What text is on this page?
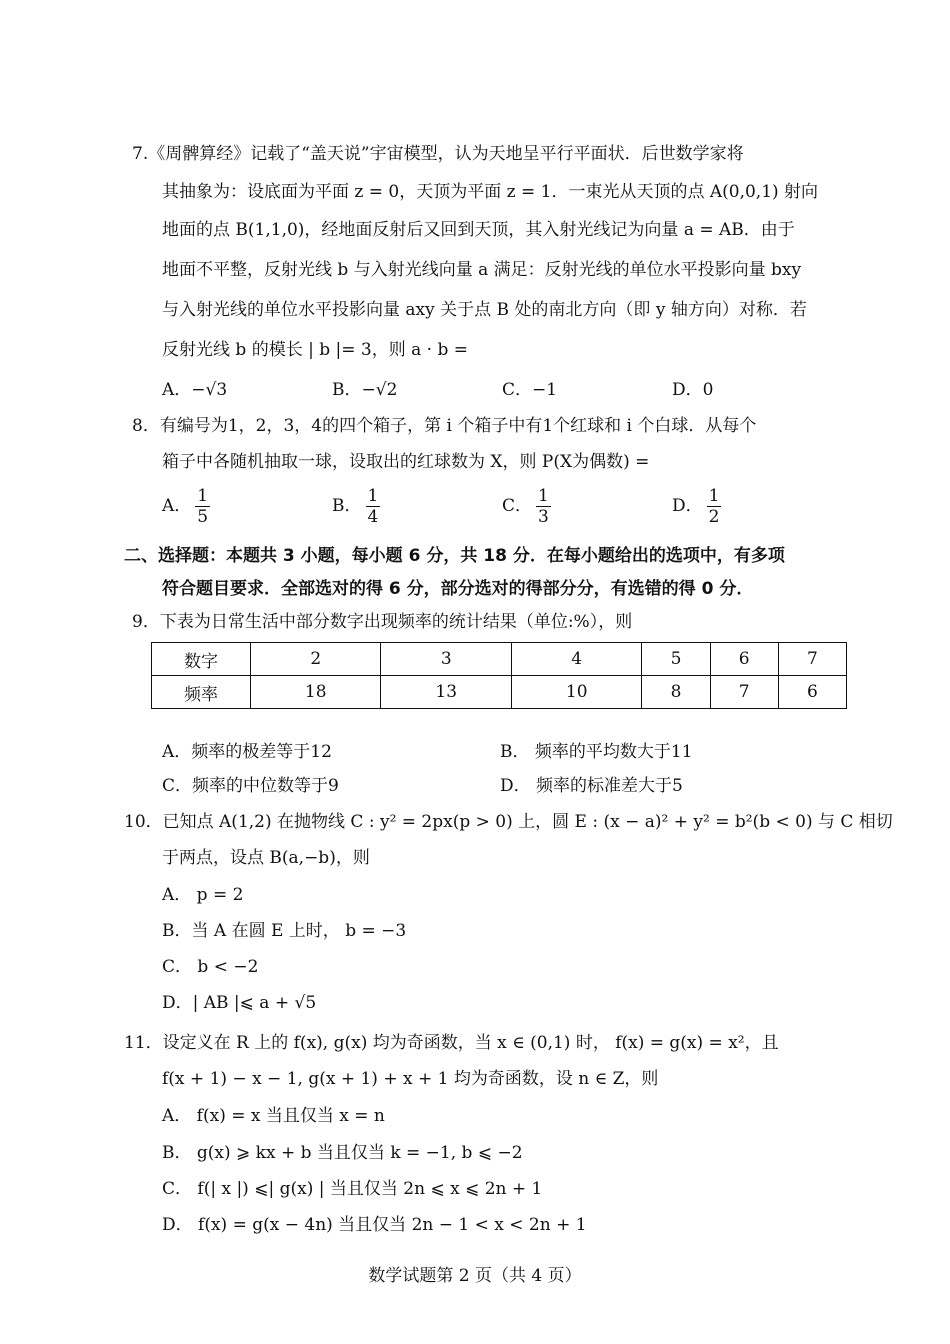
7.《周髀算经》记载了“盖天说”宇宙模型，认为天地呈平行平面状．后世数学家将
其抽象为：设底面为平面 z = 0，天顶为平面 z = 1．一束光从天顶的点 A(0,0,1) 射向
地面的点 B(1,1,0)，经地面反射后又回到天顶，其入射光线记为向量 a = AB．由于
地面不平整，反射光线 b 与入射光线向量 a 满足：反射光线的单位水平投影向量 bxy
与入射光线的单位水平投影向量 axy 关于点 B 处的南北方向（即 y 轴方向）对称．若
反射光线 b 的模长 | b |= 3，则 a · b =
A．−√3	B．−√2	C．−1	D．0
8．有编号为1，2，3，4的四个箱子，第 i 个箱子中有1个红球和 i 个白球．从每个
箱子中各随机抽取一球，设取出的红球数为 X，则 P(X为偶数) =
A． $\frac{1}{5}$	B． $\frac{1}{4}$	C． $\frac{1}{3}$	D． $\frac{1}{2}$
二、选择题：本题共 3 小题，每小题 6 分，共 18 分．在每小题给出的选项中，有多项
符合题目要求．全部选对的得 6 分，部分选对的得部分分，有选错的得 0 分．
9．下表为日常生活中部分数字出现频率的统计结果（单位:%），则
数字	2	3	4	5	6	7
频率	18	13	10	8	7	6
A．频率的极差等于12	B． 频率的平均数大于11
C．频率的中位数等于9	D． 频率的标准差大于5
10．已知点 A(1,2) 在抛物线 C : y² = 2px(p > 0) 上，圆 E : (x − a)² + y² = b²(b < 0) 与 C 相切
于两点，设点 B(a,−b)，则
A． p = 2
B．当 A 在圆 E 上时， b = −3
C． b < −2
D．| AB |⩽ a + √5
11．设定义在 R 上的 f(x), g(x) 均为奇函数，当 x ∈ (0,1) 时， f(x) = g(x) = x²，且
f(x + 1) − x − 1, g(x + 1) + x + 1 均为奇函数，设 n ∈ Z，则
A． f(x) = x 当且仅当 x = n
B． g(x) ⩾ kx + b 当且仅当 k = −1, b ⩽ −2
C． f(| x |) ⩽| g(x) | 当且仅当 2n ⩽ x ⩽ 2n + 1
D． f(x) = g(x − 4n) 当且仅当 2n − 1 < x < 2n + 1
数学试题第 2 页（共 4 页）
